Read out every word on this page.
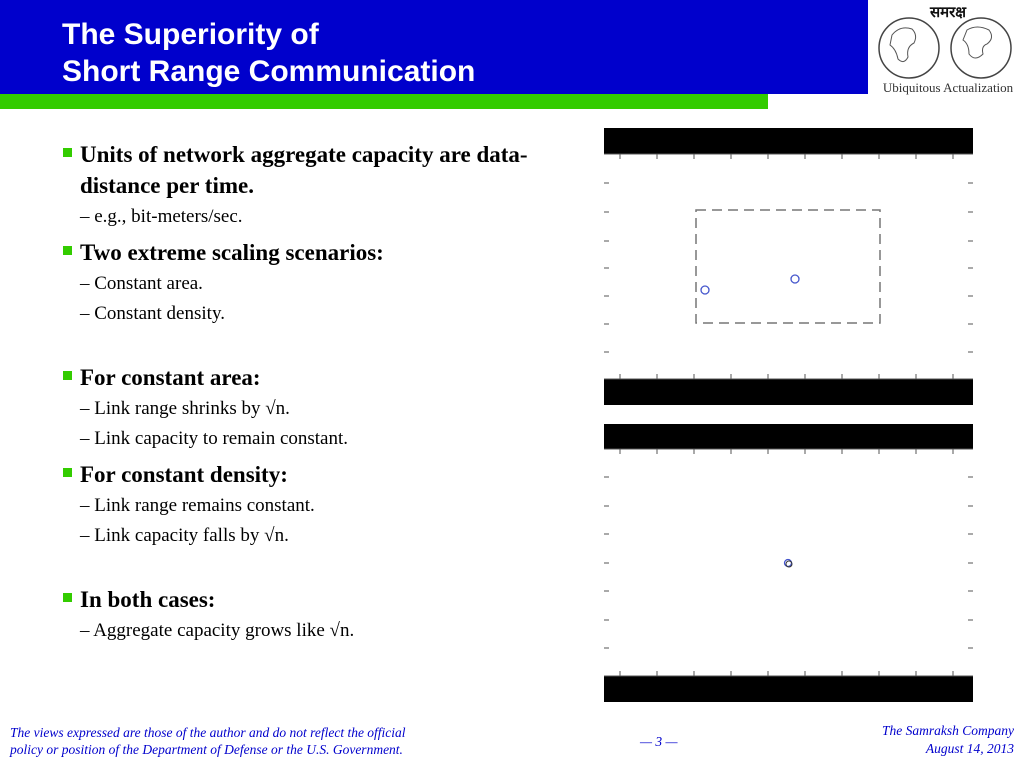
The Superiority of
Short Range Communication
समरक्ष
Ubiquitous Actualization
Units of network aggregate capacity are data-distance per time.
– e.g., bit-meters/sec.
Two extreme scaling scenarios:
– Constant area.
– Constant density.
For constant area:
– Link range shrinks by √n.
– Link capacity to remain constant.
For constant density:
– Link range remains constant.
– Link capacity falls by √n.
In both cases:
– Aggregate capacity grows like √n.
The views expressed are those of the author and do not reflect the official
policy or position of the Department of Defense or the U.S. Government.
— 3 —
The Samraksh Company
August 14, 2013
